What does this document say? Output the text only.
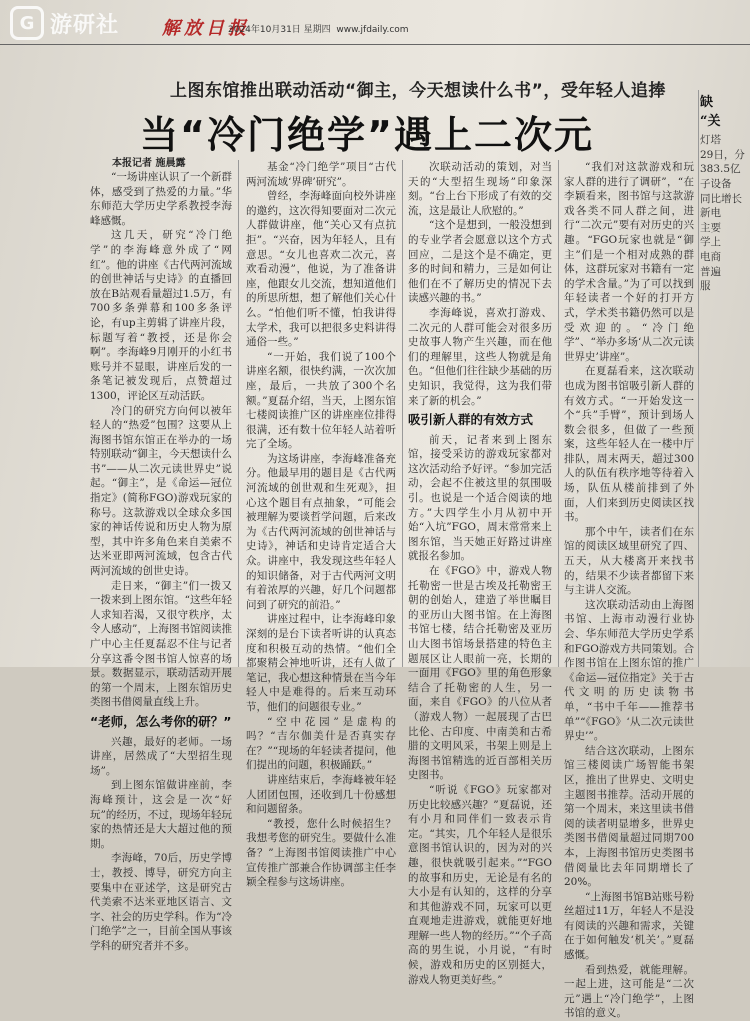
G 游研社 解放日报
2024年10月31日 星期四 www.jfdaily.com
上图东馆推出联动活动“御主，今天想读什么书”，受年轻人追捧
当“冷门绝学”遇上二次元
本报记者 施晨露

“一场讲座认识了一个新群体，感受到了热爱的力量。”华东师范大学历史学系教授李海峰感慨。

这几天，研究“冷门绝学”的李海峰意外成了“网红”。他的讲座《古代两河流域的创世神话与史诗》的直播回放在B站观看量超过1.5万，有700多条弹幕和100多条评论，有up主剪辑了讲座片段，标题写着“教授，还是你会啊”。李海峰9月刚开的小红书账号并不显眼，讲座后发的一条笔记被发现后，点赞超过1300，评论区互动活跃。

冷门的研究方向何以被年轻人的“热爱”包围？这要从上海图书馆东馆正在举办的一场特别联动“御主，今天想读什么书”——从二次元读世界史”说起。“御主”，是《命运—冠位指定》(简称FGO)游戏玩家的称号。这款游戏以全球众多国家的神话传说和历史人物为原型，其中许多角色来自美索不达米亚即两河流域，包含古代两河流域的创世史诗。

走日来，“御主”们一拨又一拨来到上图东馆。“这些年轻人求知若渴，又很守秩序，太令人感动”，上海图书馆阅读推广中心主任夏磊忍不住与记者分享这番令图书馆人惊喜的场景。数据显示，联动活动开展的第一个周末，上图东馆历史类图书借阅量直线上升。

“老师，怎么考你的研？”

兴趣，最好的老师。一场讲座，居然成了“大型招生现场”。

到上图东馆做讲座前，李海峰预计，这会是一次“好玩”的经历，不过，现场年轻玩家的热情还是大大超过他的预期。

李海峰，70后，历史学博士，教授、博导，研究方向主要集中在亚述学，这是研究古代美索不达米亚地区语言、文字、社会的历史学科。作为“冷门绝学”之一，目前全国从事该学科的研究者并不多。

基金“冷门绝学”项目“古代两河流域‘界碑’研究”。

曾经，李海峰面向校外讲座的邀约，这次得知要面对二次元人群做讲座，他“关心又有点抗拒”。“兴奋，因为年轻人，且有意思。“女儿也喜欢二次元，喜欢看动漫”，他说，为了准备讲座，他跟女儿交流，想知道他们的所思所想，想了解他们关心什么。“怕他们听不懂，怕我讲得太学术，我可以把很多史料讲得通俗一些。”

“一开始，我们说了100个讲座名额，很快约满，一次次加座，最后，一共放了300个名额。”夏磊介绍，当天，上图东馆七楼阅读推广区的讲座座位排得很满，还有数十位年轻人站着听完了全场。

为这场讲座，李海峰准备充分。他最早用的题目是《古代两河流域的创世观和生死观》，担心这个题目有点抽象，“可能会被理解为要谈哲学问题，后来改为《古代两河流域的创世神话与史诗》，神话和史诗肯定适合大众。讲座中，我发现这些年轻人的知识储备，对于古代两河文明有着浓厚的兴趣，好几个问题都问到了研究的前沿。”

讲座过程中，让李海峰印象深刻的是台下读者听讲的认真态度和积极互动的热情。“他们全都聚精会神地听讲，还有人做了笔记，我心想这种情景在当今年轻人中是难得的。后来互动环节，他们的问题很专业。”

“空中花园”是虚构的吗？“吉尔伽美什是否真实存在？”“现场的年轻读者提问，他们提出的问题，积极踊跃。”

讲座结束后，李海峰被年轻人团团包围，还收到几十份感想和问题留条。

“教授，您什么时候招生？我想考您的研究生。要做什么准备？”上海图书馆阅读推广中心宣传推广部兼合作协调部主任李颖全程参与这场讲座。

次联动活动的策划，对当天的“大型招生现场”印象深刻。“台上台下形成了有效的交流，这是最让人欣慰的。”

“这个是想到，一般没想到的专业学者会愿意以这个方式回应，二是这个是不确定，更多的时间和精力，三是如何让他们在不了解历史的情况下去读感兴趣的书。”

李海峰说，喜欢打游戏、二次元的人群可能会对很多历史故事人物产生兴趣，而在他们的理解里，这些人物就是角色。“但他们往往缺少基础的历史知识，我觉得，这为我们带来了新的机会。”

吸引新人群的有效方式

前天，记者来到上图东馆，接受采访的游戏玩家都对这次活动给予好评。“参加完活动，会起不住被这里的氛围吸引。也说是一个适合阅读的地方。”大四学生小月从初中开始“入坑”FGO，周末常常来上图东馆，当天她正好路过讲座就报名参加。

在《FGO》中，游戏人物托勒密一世是古埃及托勒密王朝的创始人，建造了举世瞩目的亚历山大图书馆。在上海图书馆七楼，结合托勒密及亚历山大图书馆场景搭建的特色主题展区让人眼前一亮，长期的一面用《FGO》里的角色形象结合了托勒密的人生，另一面，来自《FGO》的八位从者（游戏人物）一起展现了古巴比伦、古印度、中南美和古希腊的文明风采，书架上则是上海图书馆精选的近百部相关历史图书。

“听说《FGO》玩家都对历史比较感兴趣？”夏磊说，还有小月和同伴们一致表示肯定。“其实，几个年轻人是很乐意图书馆认识的，因为对的兴趣，很快就吸引起来。”“FGO的故事和历史，无论是有名的大小是有认知的，这样的分享和其他游戏不同，玩家可以更直观地走进游戏，就能更好地理解一些人物的经历。”“个子高高的男生说，小月说，“有时候，游戏和历史的区别挺大，游戏人物更美好些。”

“我们对这款游戏和玩家人群的进行了调研”，“在李颖看来，图书馆与这款游戏各类不同人群之间，进行“二次元”要有对历史的兴趣。“FGO玩家也就是“御主”们是一个相对成熟的群体，这群玩家对书籍有一定的学术含量。”为了可以找到年轻读者一个好的打开方式，学术类书籍仍然可以是受欢迎的。“冷门绝学”、“举办多场‘从二次元读世界史’讲座”。

在夏磊看来，这次联动也成为图书馆吸引新人群的有效方式。“一开始发这一个“兵”手臂”，预计到场人数会很多，但做了一些预案，这些年轻人在一楼中厅排队，周末两天，超过300人的队伍有秩序地等待着入场，队伍从楼前排到了外面，人们来到历史阅读区找书。

那个中午，读者们在东馆的阅读区域里研究了四、五天，从大楼离开来找书的，结果不少读者都留下来与主讲人交流。

这次联动活动由上海图书馆、上海市动漫行业协会、华东师范大学历史学系和FGO游戏方共同策划。合作图书馆在上图东馆的推广《命运—冠位指定》关于古代文明的历史读物书单，“书中千年——推荐书单”“《FGO》‘从二次元读世界史’”。

结合这次联动，上图东馆三楼阅读广场智能书架区，推出了世界史、文明史主题图书推荐。活动开展的第一个周末，来这里读书借阅的读者明显增多，世界史类图书借阅量超过同期700本，上海图书馆历史类图书借阅量比去年同期增长了20%。

“上海图书馆B站账号粉丝超过11万，年轻人不是没有阅读的兴趣和需求，关键在于如何触发‘机关’。”夏磊感慨。

看到热爱，就能理解。一起上进，这可能是“二次元”遇上“冷门绝学”，上图书馆的意义。

缺
“关
灯塔
29日，分
383.5亿
子设备
同比增长
新电
主要
学上
电商
普遍
服
